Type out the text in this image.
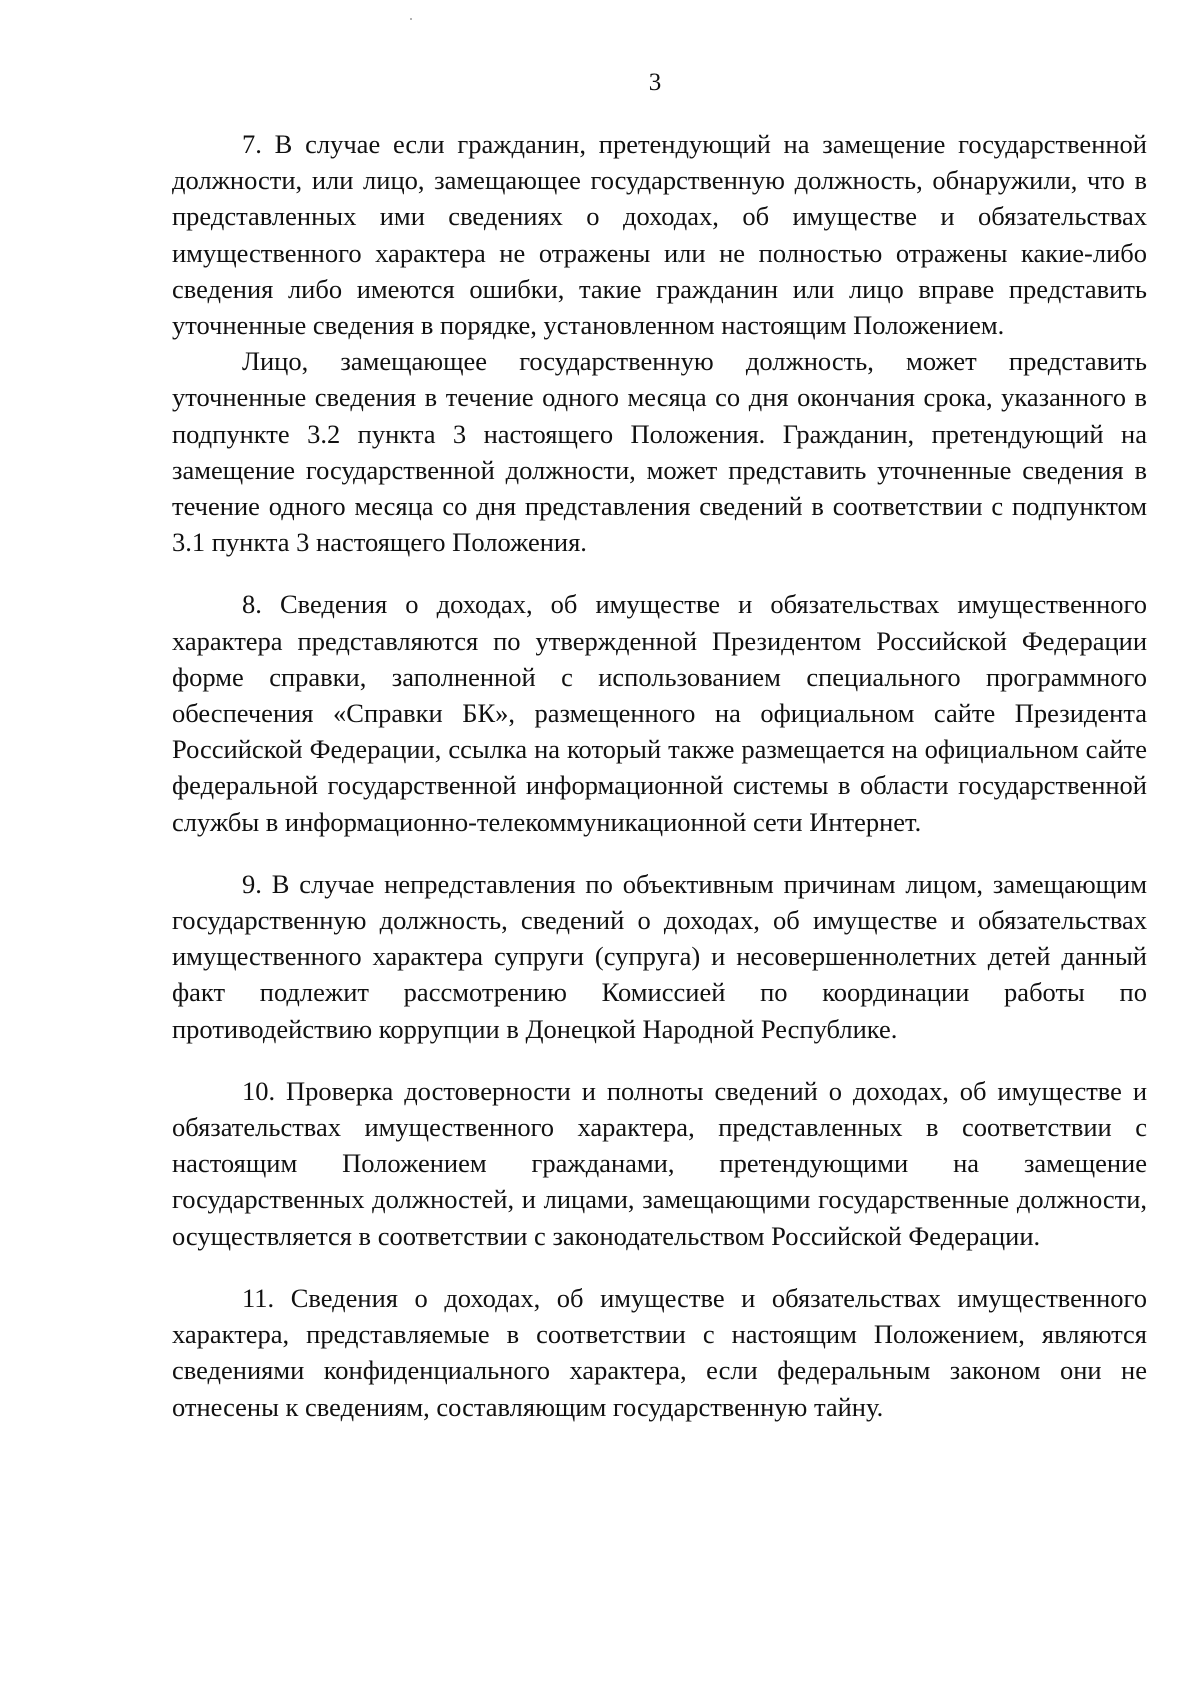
3

7. В случае если гражданин, претендующий на замещение государственной должности, или лицо, замещающее государственную должность, обнаружили, что в представленных ими сведениях о доходах, об имуществе и обязательствах имущественного характера не отражены или не полностью отражены какие-либо сведения либо имеются ошибки, такие гражданин или лицо вправе представить уточненные сведения в порядке, установленном настоящим Положением.

Лицо, замещающее государственную должность, может представить уточненные сведения в течение одного месяца со дня окончания срока, указанного в подпункте 3.2 пункта 3 настоящего Положения. Гражданин, претендующий на замещение государственной должности, может представить уточненные сведения в течение одного месяца со дня представления сведений в соответствии с подпунктом 3.1 пункта 3 настоящего Положения.

8. Сведения о доходах, об имуществе и обязательствах имущественного характера представляются по утвержденной Президентом Российской Федерации форме справки, заполненной с использованием специального программного обеспечения «Справки БК», размещенного на официальном сайте Президента Российской Федерации, ссылка на который также размещается на официальном сайте федеральной государственной информационной системы в области государственной службы в информационно-телекоммуникационной сети Интернет.

9. В случае непредставления по объективным причинам лицом, замещающим государственную должность, сведений о доходах, об имуществе и обязательствах имущественного характера супруги (супруга) и несовершеннолетних детей данный факт подлежит рассмотрению Комиссией по координации работы по противодействию коррупции в Донецкой Народной Республике.

10. Проверка достоверности и полноты сведений о доходах, об имуществе и обязательствах имущественного характера, представленных в соответствии с настоящим Положением гражданами, претендующими на замещение государственных должностей, и лицами, замещающими государственные должности, осуществляется в соответствии с законодательством Российской Федерации.

11. Сведения о доходах, об имуществе и обязательствах имущественного характера, представляемые в соответствии с настоящим Положением, являются сведениями конфиденциального характера, если федеральным законом они не отнесены к сведениям, составляющим государственную тайну.
